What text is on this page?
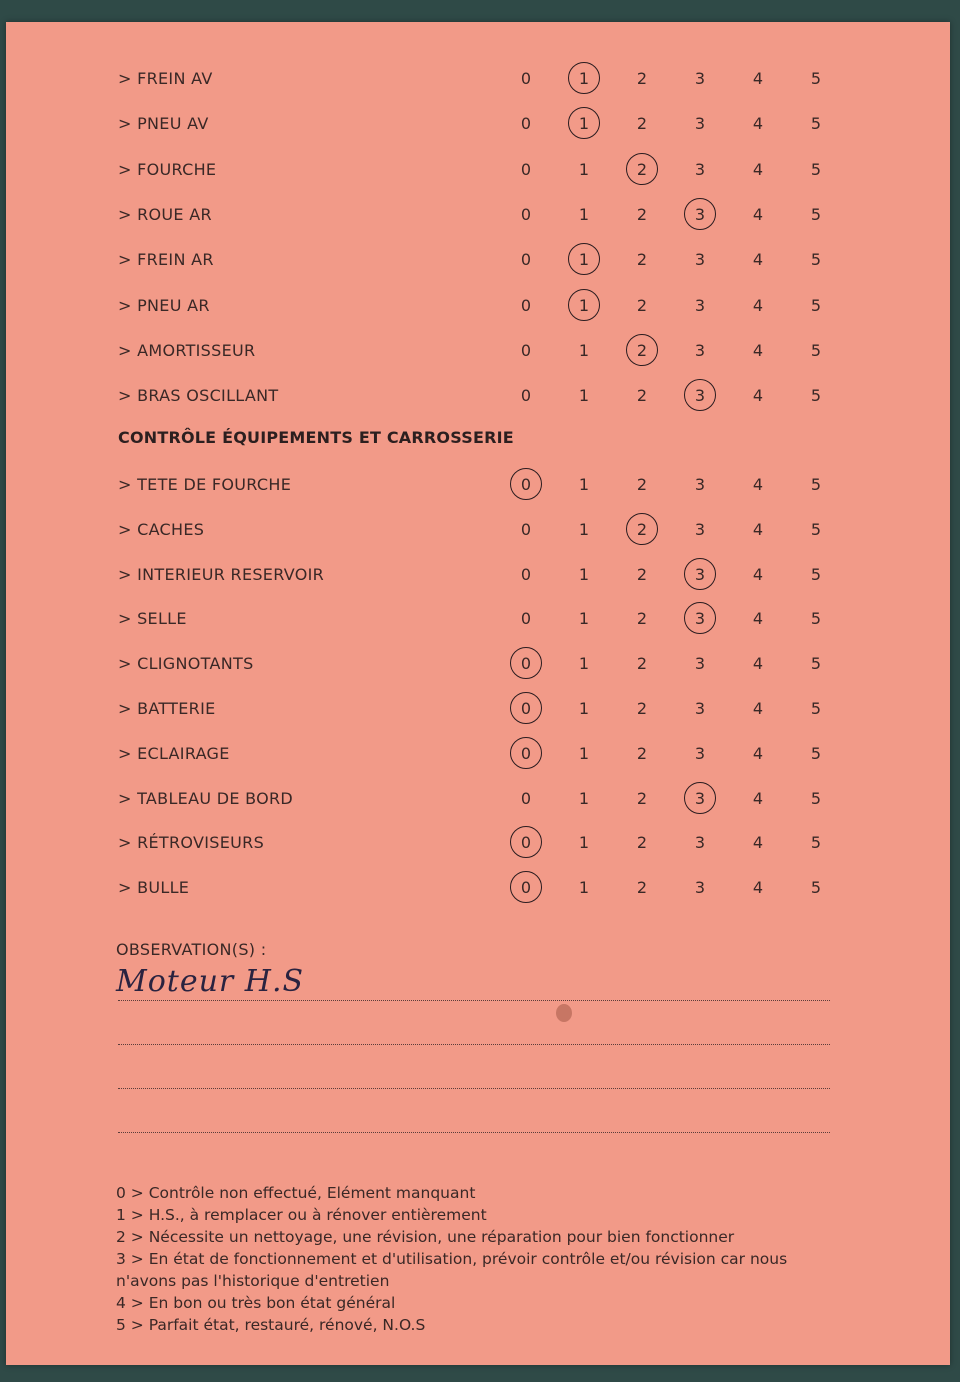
> FREIN AV	0	1	2	3	4	5
> PNEU AV	0	1	2	3	4	5
> FOURCHE	0	1	2	3	4	5
> ROUE AR	0	1	2	3	4	5
> FREIN AR	0	1	2	3	4	5
> PNEU AR	0	1	2	3	4	5
> AMORTISSEUR	0	1	2	3	4	5
> BRAS OSCILLANT	0	1	2	3	4	5
> TETE DE FOURCHE	0	1	2	3	4	5
> CACHES	0	1	2	3	4	5
> INTERIEUR RESERVOIR	0	1	2	3	4	5
> SELLE	0	1	2	3	4	5
> CLIGNOTANTS	0	1	2	3	4	5
> BATTERIE	0	1	2	3	4	5
> ECLAIRAGE	0	1	2	3	4	5
> TABLEAU DE BORD	0	1	2	3	4	5
> RÉTROVISEURS	0	1	2	3	4	5
> BULLE	0	1	2	3	4	5
CONTRÔLE ÉQUIPEMENTS ET CARROSSERIE
OBSERVATION(S) :
Moteur H.S
0 > Contrôle non effectué, Elément manquant
1 > H.S., à remplacer ou à rénover entièrement
2 > Nécessite un nettoyage, une révision, une réparation pour bien fonctionner
3 > En état de fonctionnement et d'utilisation, prévoir contrôle et/ou révision car nous n'avons pas l'historique d'entretien
4 > En bon ou très bon état général
5 > Parfait état, restauré, rénové, N.O.S
